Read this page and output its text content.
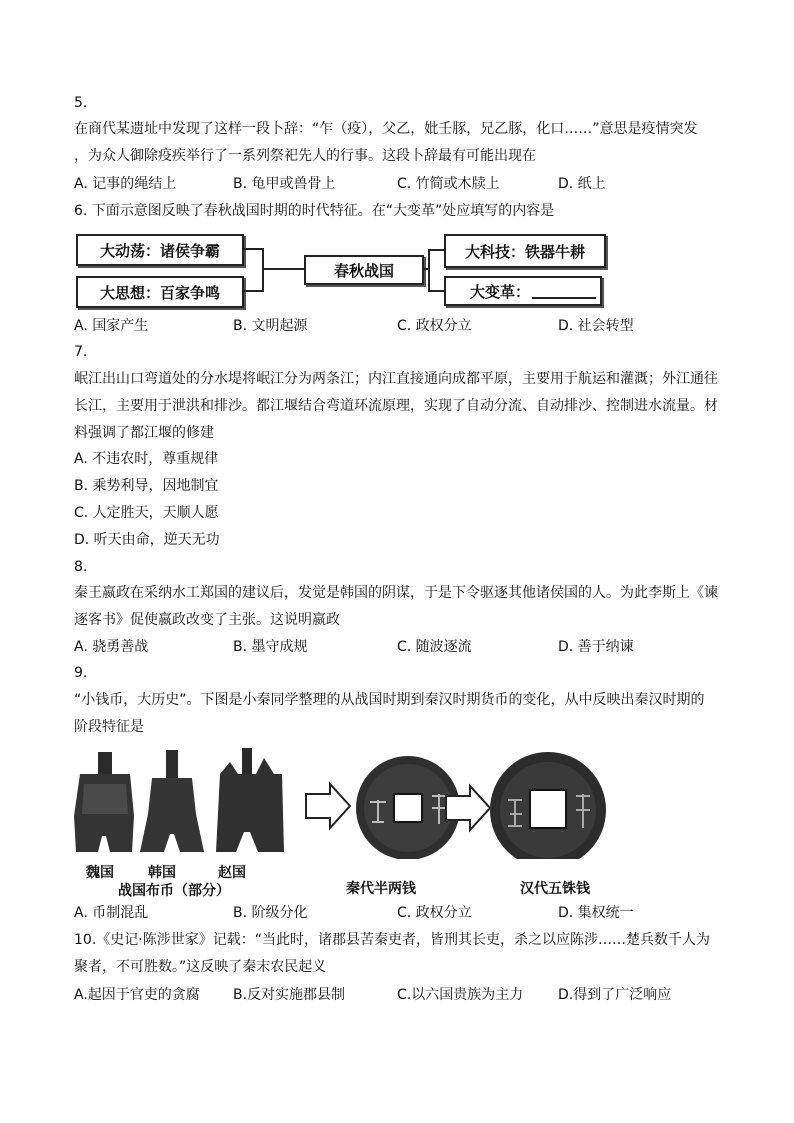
5.
在商代某遗址中发现了这样一段卜辞：“乍（疫），父乙，妣壬豚，兄乙豚，化口……”意思是疫情突发
，为众人御除疫疾举行了一系列祭祀先人的行事。这段卜辞最有可能出现在
A. 记事的绳结上	B. 龟甲或兽骨上	C. 竹简或木牍上	D. 纸上
6. 下面示意图反映了春秋战国时期的时代特征。在“大变革”处应填写的内容是
大动荡：诸侯争霸
大思想：百家争鸣
春秋战国
大科技：铁器牛耕
大变革：
A. 国家产生	B. 文明起源	C. 政权分立	D. 社会转型
7.
岷江出山口弯道处的分水堤将岷江分为两条江；内江直接通向成都平原，主要用于航运和灌溉；外江通往
长江，主要用于泄洪和排沙。都江堰结合弯道环流原理，实现了自动分流、自动排沙、控制进水流量。材
料强调了都江堰的修建
A. 不违农时，尊重规律
B. 乘势利导，因地制宜
C. 人定胜天，天顺人愿
D. 听天由命，逆天无功
8.
秦王嬴政在采纳水工郑国的建议后，发觉是韩国的阴谋，于是下令驱逐其他诸侯国的人。为此李斯上《谏
逐客书》促使嬴政改变了主张。这说明嬴政
A. 骁勇善战	B. 墨守成规	C. 随波逐流	D. 善于纳谏
9.
“小钱币，大历史”。下图是小秦同学整理的从战国时期到秦汉时期货币的变化，从中反映出秦汉时期的
阶段特征是
魏国 韩国	赵国
战国布币（部分）	秦代半两钱	汉代五铢钱
A. 币制混乱	B. 阶级分化	C. 政权分立	D. 集权统一
10.《史记·陈涉世家》记载：“当此时，诸郡县苦秦吏者，皆刑其长吏，杀之以应陈涉……楚兵数千人为
聚者，不可胜数。”这反映了秦末农民起义
A.起因于官吏的贪腐 B.反对实施郡县制	C.以六国贵族为主力 D.得到了广泛响应
